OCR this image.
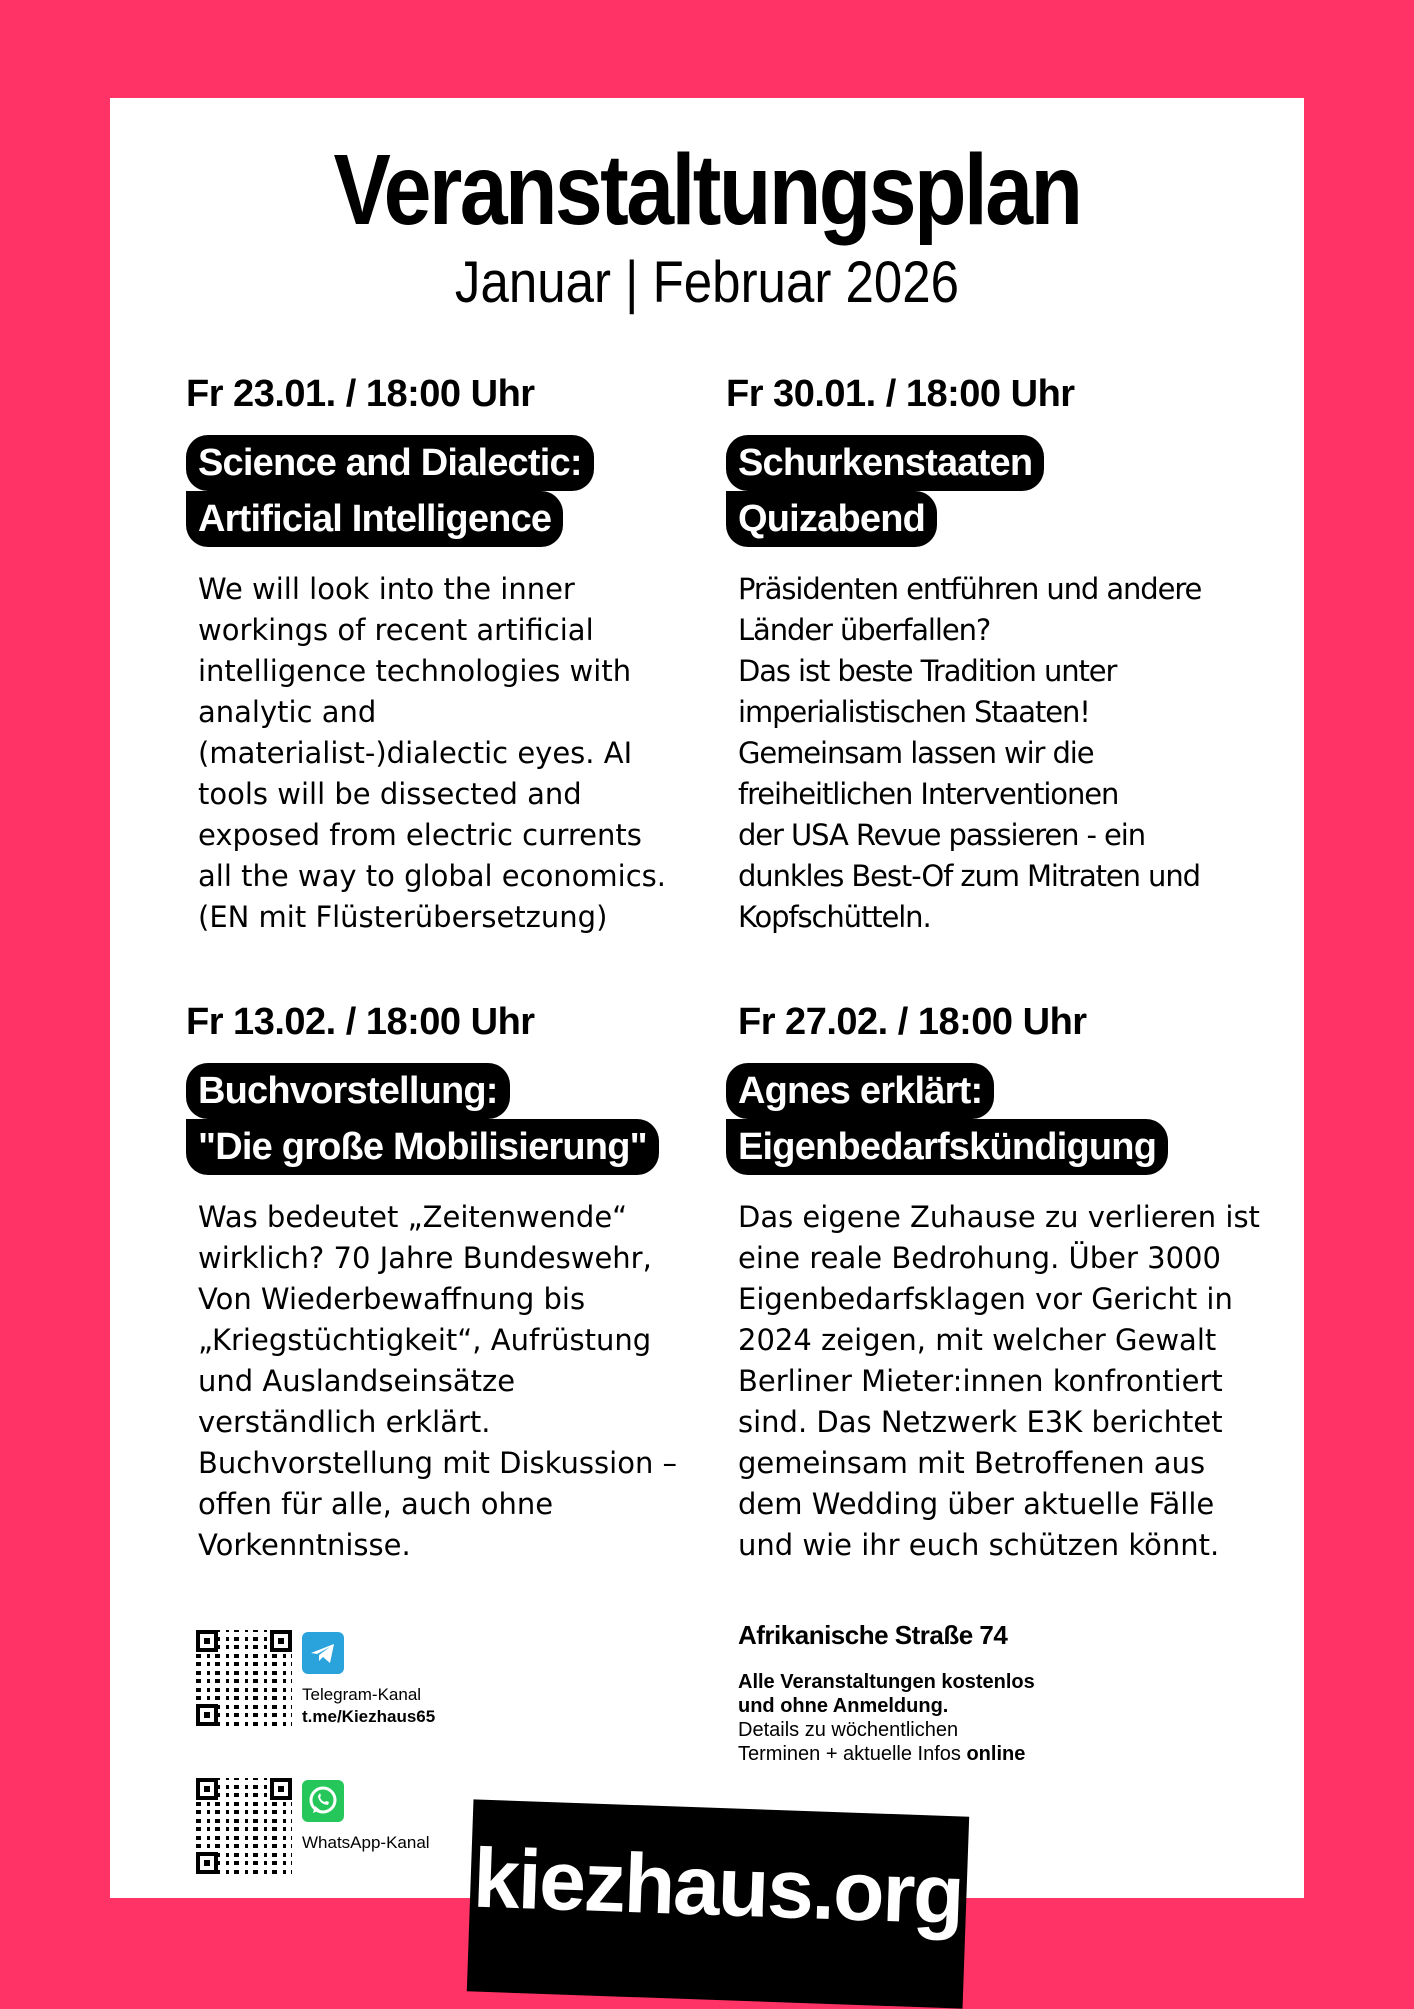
Veranstaltungsplan
Januar | Februar 2026
Fr 23.01. / 18:00 Uhr
Science and Dialectic:
Artificial Intelligence
We will look into the inner
workings of recent artificial
intelligence technologies with
analytic and
(materialist-)dialectic eyes. AI
tools will be dissected and
exposed from electric currents
all the way to global economics.
(EN mit Flüsterübersetzung)
Fr 30.01. / 18:00 Uhr
Schurkenstaaten
Quizabend
Präsidenten entführen und andere
Länder überfallen?
Das ist beste Tradition unter
imperialistischen Staaten!
Gemeinsam lassen wir die
freiheitlichen Interventionen
der USA Revue passieren - ein
dunkles Best-Of zum Mitraten und
Kopfschütteln.
Fr 13.02. / 18:00 Uhr
Buchvorstellung:
"Die große Mobilisierung"
Was bedeutet „Zeitenwende“
wirklich? 70 Jahre Bundeswehr,
Von Wiederbewaffnung bis
„Kriegstüchtigkeit“, Aufrüstung
und Auslandseinsätze
verständlich erklärt.
Buchvorstellung mit Diskussion –
offen für alle, auch ohne
Vorkenntnisse.
Fr 27.02. / 18:00 Uhr
Agnes erklärt:
Eigenbedarfskündigung
Das eigene Zuhause zu verlieren ist
eine reale Bedrohung. Über 3000
Eigenbedarfsklagen vor Gericht in
2024 zeigen, mit welcher Gewalt
Berliner Mieter:innen konfrontiert
sind. Das Netzwerk E3K berichtet
gemeinsam mit Betroffenen aus
dem Wedding über aktuelle Fälle
und wie ihr euch schützen könnt.
Telegram-Kanal
t.me/Kiezhaus65
WhatsApp-Kanal
Afrikanische Straße 74
Alle Veranstaltungen kostenlos
und ohne Anmeldung.
Details zu wöchentlichen
Terminen + aktuelle Infos online
kiezhaus.org
